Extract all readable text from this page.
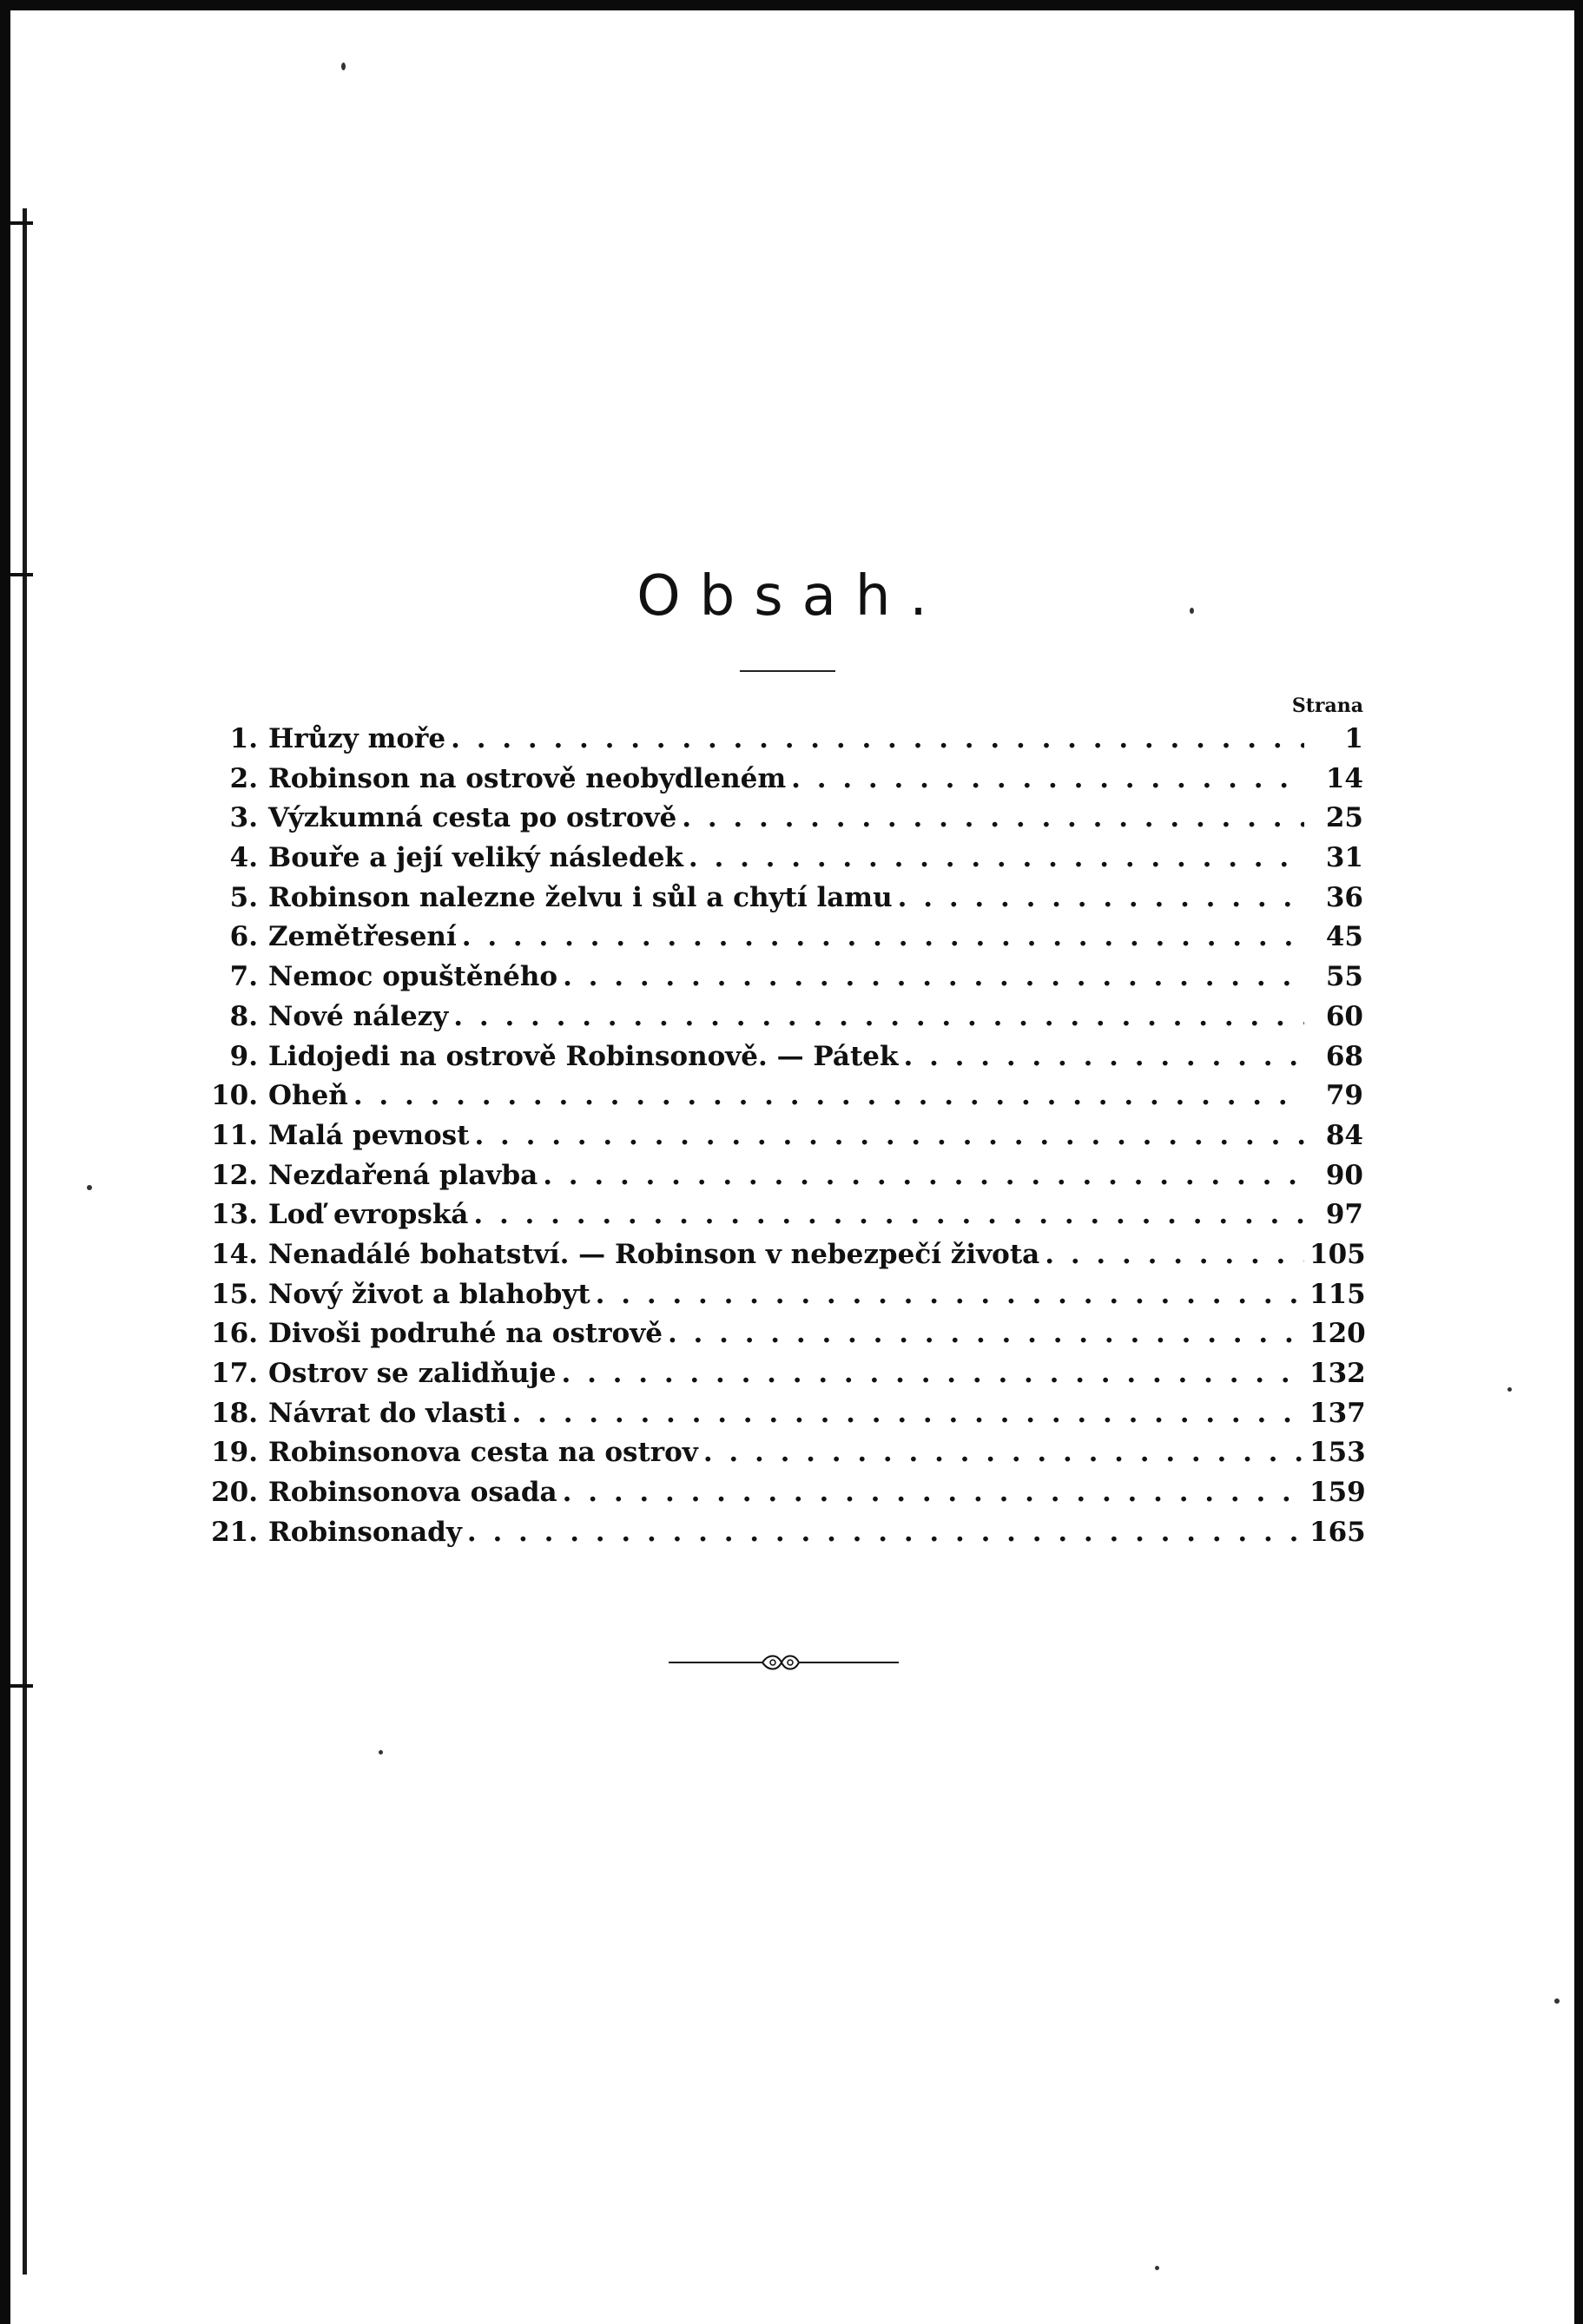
Obsah.
Strana
1. Hrůzy moře . . .	1
2. Robinson na ostrově neobydleném . . .	14
3. Výzkumná cesta po ostrově . . .	25
4. Bouře a její veliký následek . . .	31
5. Robinson nalezne želvu i sůl a chytí lamu . . .	36
6. Zemětřesení . . .	45
7. Nemoc opuštěného . . .	55
8. Nové nálezy . . .	60
9. Lidojedi na ostrově Robinsonově. — Pátek . . .	68
10. Oheň . . .	79
11. Malá pevnost . . .	84
12. Nezdařená plavba . . .	90
13. Loď evropská . . .	97
14. Nenadálé bohatství. — Robinson v nebezpečí života . . .	105
15. Nový život a blahobyt . . .	115
16. Divoši podruhé na ostrově . . .	120
17. Ostrov se zalidňuje . . .	132
18. Návrat do vlasti . . .	137
19. Robinsonova cesta na ostrov . . .	153
20. Robinsonova osada . . .	159
21. Robinsonady . . .	165
